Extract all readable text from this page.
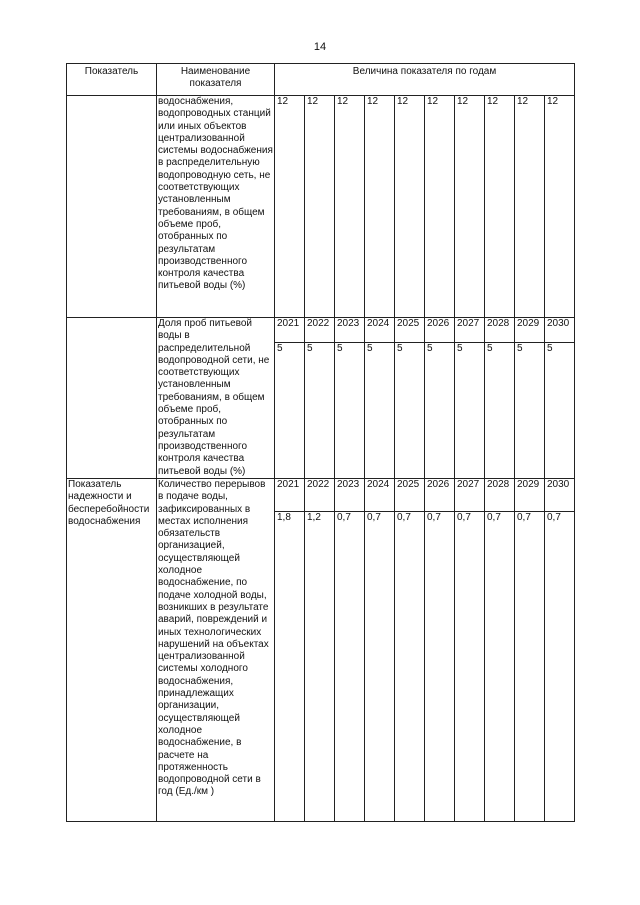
14
Показатель	Наименование показателя	Величина показателя по годам									
	водоснабжения, водопроводных станций или иных объектов централизованной системы водоснабжения в распределительную водопроводную сеть, не соответствующих установленным требованиям, в общем объеме проб, отобранных по результатам производственного контроля качества питьевой воды (%)	12	12	12	12	12	12	12	12	12	12
	Доля проб питьевой воды в распределительной водопроводной сети, не соответствующих установленным требованиям, в общем объеме проб, отобранных по результатам производственного контроля качества питьевой воды (%)	2021	2022	2023	2024	2025	2026	2027	2028	2029	2030
		5	5	5	5	5	5	5	5	5	5
Показатель надежности и бесперебойности водоснабжения	Количество перерывов в подаче воды, зафиксированных в местах исполнения обязательств организацией, осуществляющей холодное водоснабжение, по подаче холодной воды, возникших в результате аварий, повреждений и иных технологических нарушений на объектах централизованной системы холодного водоснабжения, принадлежащих организации, осуществляющей холодное водоснабжение, в расчете на протяженность водопроводной сети в год (Ед./км )	2021	2022	2023	2024	2025	2026	2027	2028	2029	2030
		1,8	1,2	0,7	0,7	0,7	0,7	0,7	0,7	0,7	0,7
